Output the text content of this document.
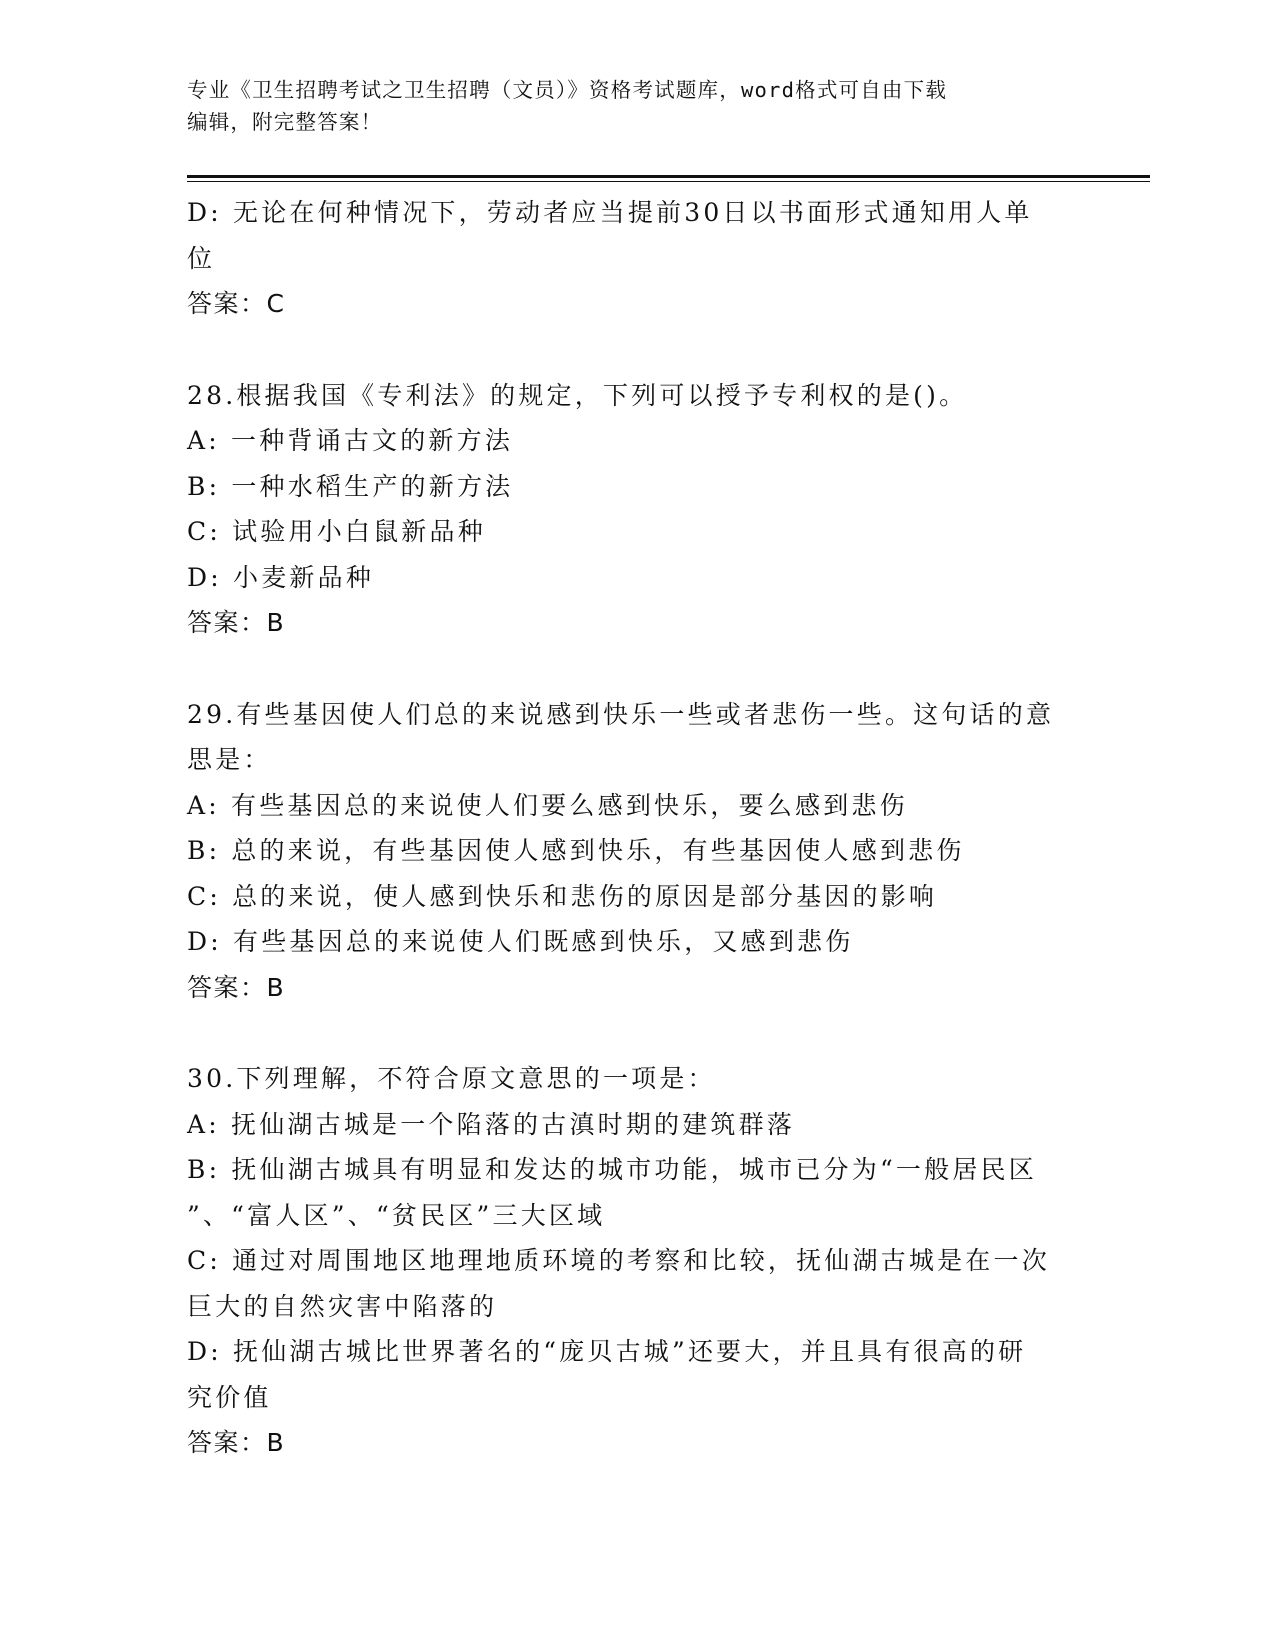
专业《卫生招聘考试之卫生招聘（文员）》资格考试题库，word格式可自由下载
编辑，附完整答案！
D: 无论在何种情况下，劳动者应当提前30日以书面形式通知用人单
位
答案：C
28.根据我国《专利法》的规定，下列可以授予专利权的是()。
A: 一种背诵古文的新方法
B: 一种水稻生产的新方法
C: 试验用小白鼠新品种
D: 小麦新品种
答案：B
29.有些基因使人们总的来说感到快乐一些或者悲伤一些。这句话的意
思是：
A: 有些基因总的来说使人们要么感到快乐，要么感到悲伤
B: 总的来说，有些基因使人感到快乐，有些基因使人感到悲伤
C: 总的来说，使人感到快乐和悲伤的原因是部分基因的影响
D: 有些基因总的来说使人们既感到快乐，又感到悲伤
答案：B
30.下列理解，不符合原文意思的一项是：
A: 抚仙湖古城是一个陷落的古滇时期的建筑群落
B: 抚仙湖古城具有明显和发达的城市功能，城市已分为“一般居民区
”、“富人区”、“贫民区”三大区域
C: 通过对周围地区地理地质环境的考察和比较，抚仙湖古城是在一次
巨大的自然灾害中陷落的
D: 抚仙湖古城比世界著名的“庞贝古城”还要大，并且具有很高的研
究价值
答案：B
